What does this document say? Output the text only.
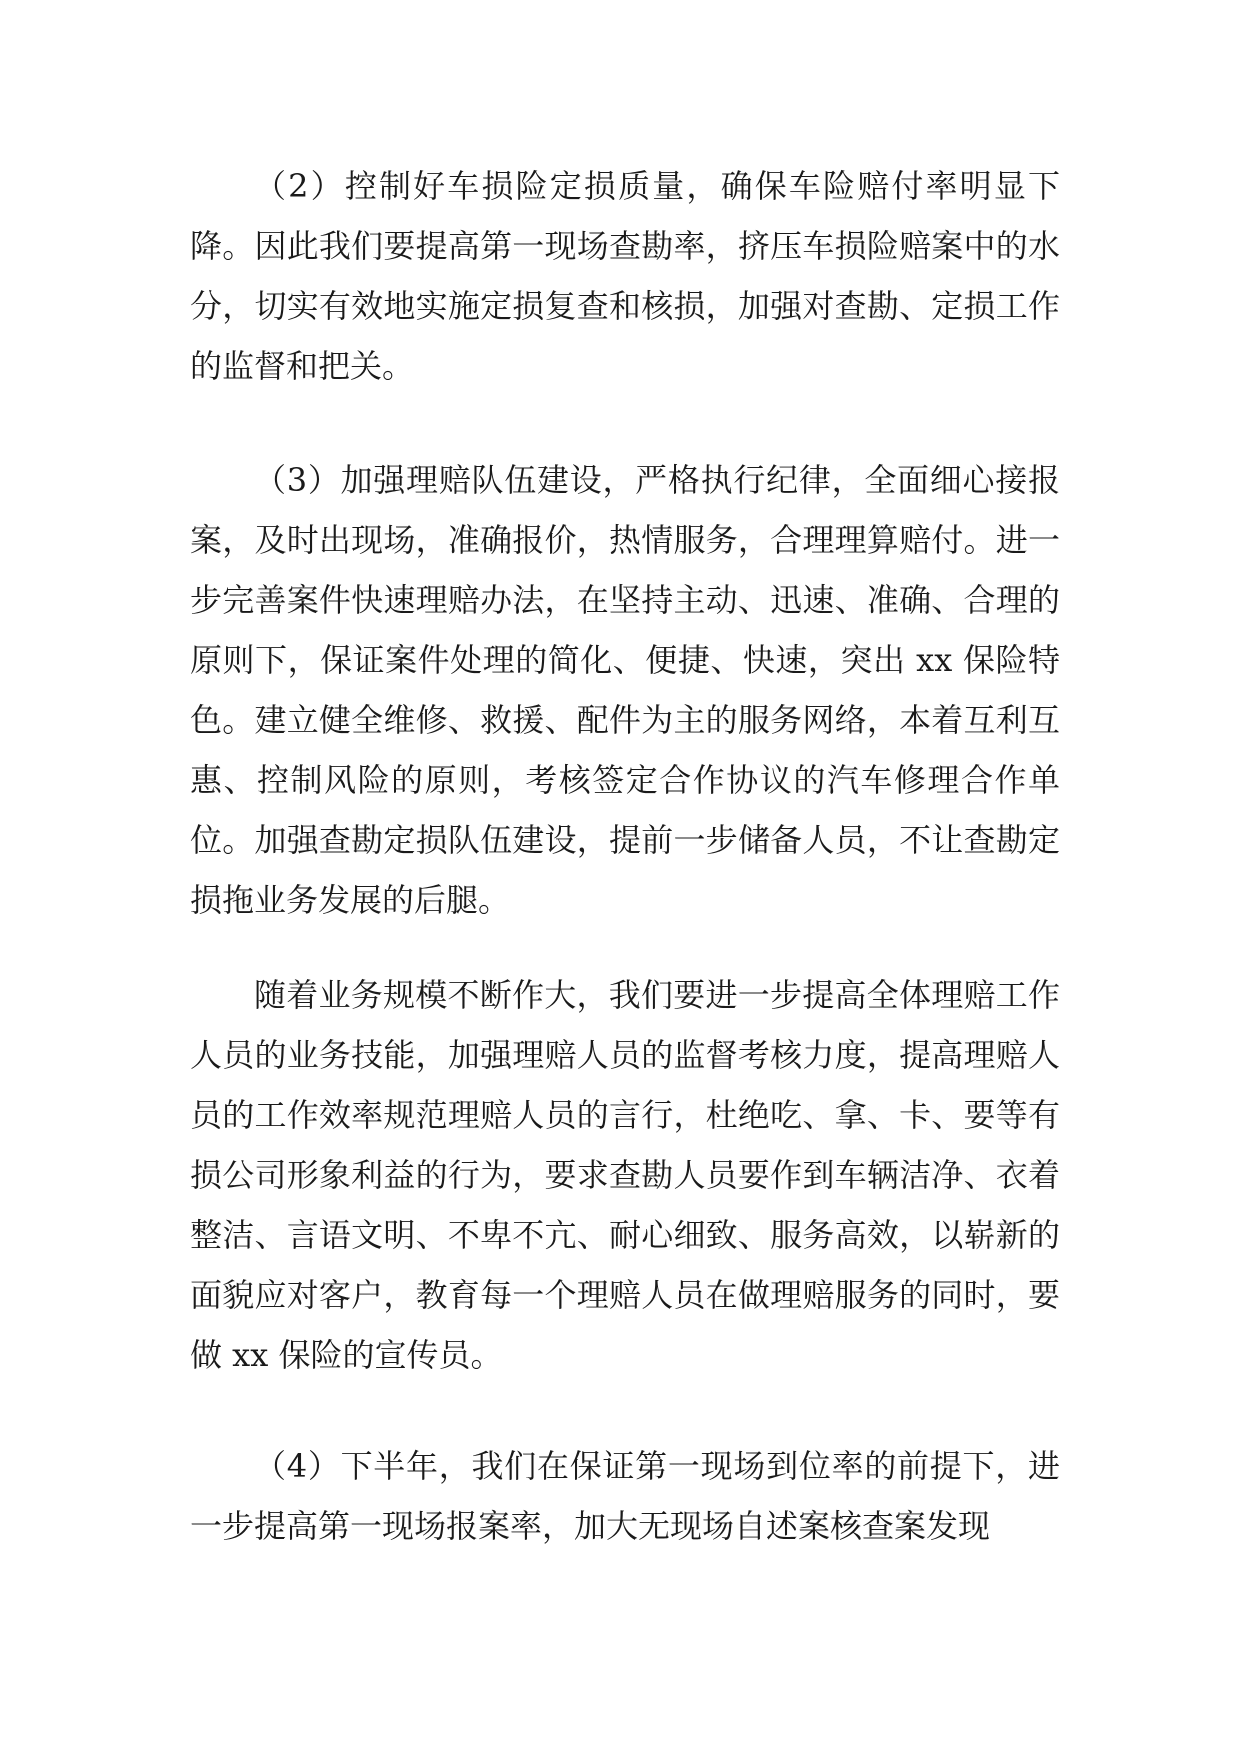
（2）控制好车损险定损质量，确保车险赔付率明显下降。因此我们要提高第一现场查勘率，挤压车损险赔案中的水分，切实有效地实施定损复查和核损，加强对查勘、定损工作的监督和把关。

（3）加强理赔队伍建设，严格执行纪律，全面细心接报案，及时出现场，准确报价，热情服务，合理理算赔付。进一步完善案件快速理赔办法，在坚持主动、迅速、准确、合理的原则下，保证案件处理的简化、便捷、快速，突出 xx 保险特色。建立健全维修、救援、配件为主的服务网络，本着互利互惠、控制风险的原则，考核签定合作协议的汽车修理合作单位。加强查勘定损队伍建设，提前一步储备人员，不让查勘定损拖业务发展的后腿。

随着业务规模不断作大，我们要进一步提高全体理赔工作人员的业务技能，加强理赔人员的监督考核力度，提高理赔人员的工作效率规范理赔人员的言行，杜绝吃、拿、卡、要等有损公司形象利益的行为，要求查勘人员要作到车辆洁净、衣着整洁、言语文明、不卑不亢、耐心细致、服务高效，以崭新的面貌应对客户，教育每一个理赔人员在做理赔服务的同时，要做 xx 保险的宣传员。

（4）下半年，我们在保证第一现场到位率的前提下，进一步提高第一现场报案率，加大无现场自述案核查案发现
